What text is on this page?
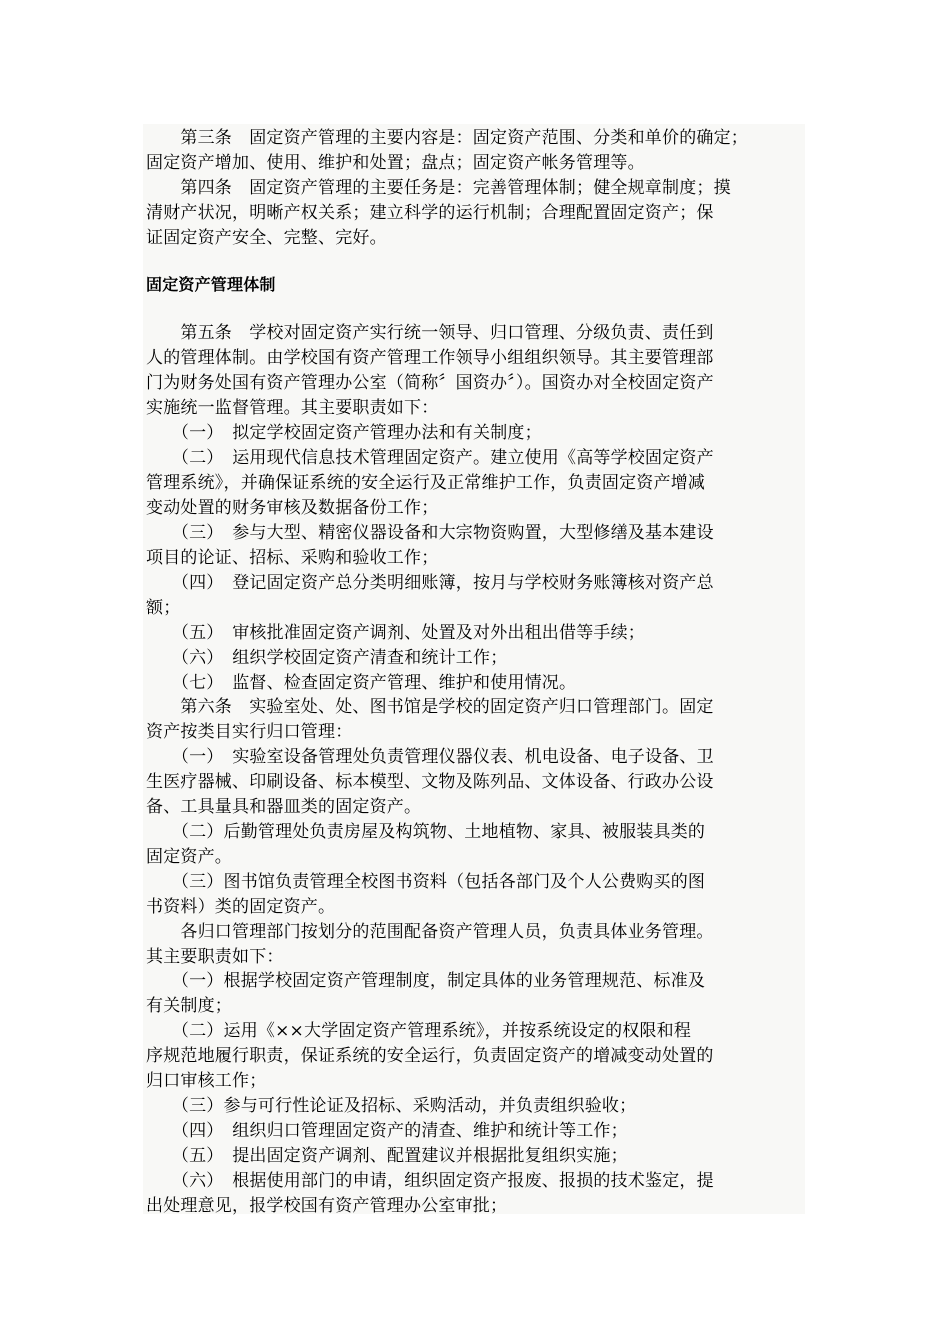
　　第三条　固定资产管理的主要内容是：固定资产范围、分类和单价的确定；
固定资产增加、使用、维护和处置；盘点；固定资产帐务管理等。
　　第四条　固定资产管理的主要任务是：完善管理体制；健全规章制度；摸
清财产状况，明晰产权关系；建立科学的运行机制；合理配置固定资产；保
证固定资产安全、完整、完好。
固定资产管理体制
　　第五条　学校对固定资产实行统一领导、归口管理、分级负责、责任到
人的管理体制。由学校国有资产管理工作领导小组组织领导。其主要管理部
门为财务处国有资产管理办公室（简称〞国资办〞）。国资办对全校固定资产
实施统一监督管理。其主要职责如下：
　　（一）　拟定学校固定资产管理办法和有关制度；
　　（二）　运用现代信息技术管理固定资产。建立使用《高等学校固定资产
管理系统》，并确保证系统的安全运行及正常维护工作，负责固定资产增减
变动处置的财务审核及数据备份工作；
　　（三）　参与大型、精密仪器设备和大宗物资购置，大型修缮及基本建设
项目的论证、招标、采购和验收工作；
　　（四）　登记固定资产总分类明细账簿，按月与学校财务账簿核对资产总
额；
　　（五）　审核批准固定资产调剂、处置及对外出租出借等手续；
　　（六）　组织学校固定资产清查和统计工作；
　　（七）　监督、检查固定资产管理、维护和使用情况。
　　第六条　实验室处、处、图书馆是学校的固定资产归口管理部门。固定
资产按类目实行归口管理：
　　（一）　实验室设备管理处负责管理仪器仪表、机电设备、电子设备、卫
生医疗器械、印刷设备、标本模型、文物及陈列品、文体设备、行政办公设
备、工具量具和器皿类的固定资产。
　　（二）后勤管理处负责房屋及构筑物、土地植物、家具、被服装具类的
固定资产。
　　（三）图书馆负责管理全校图书资料（包括各部门及个人公费购买的图
书资料）类的固定资产。
　　各归口管理部门按划分的范围配备资产管理人员，负责具体业务管理。
其主要职责如下：
　　（一）根据学校固定资产管理制度，制定具体的业务管理规范、标准及
有关制度；
　　（二）运用《××大学固定资产管理系统》，并按系统设定的权限和程
序规范地履行职责，保证系统的安全运行，负责固定资产的增减变动处置的
归口审核工作；
　　（三）参与可行性论证及招标、采购活动，并负责组织验收；
　　（四）　组织归口管理固定资产的清查、维护和统计等工作；
　　（五）　提出固定资产调剂、配置建议并根据批复组织实施；
　　（六）　根据使用部门的申请，组织固定资产报废、报损的技术鉴定，提
出处理意见，报学校国有资产管理办公室审批；
